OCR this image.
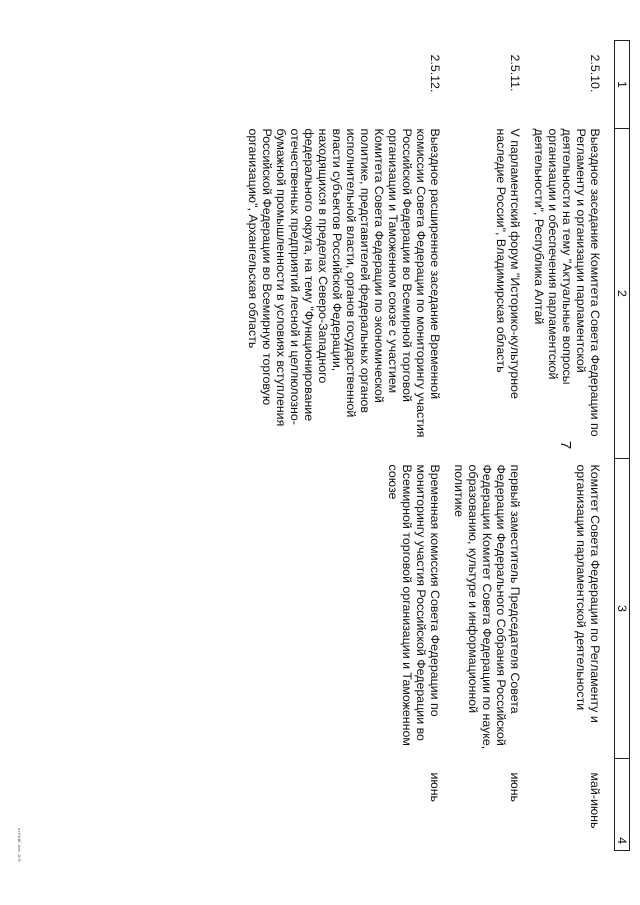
1	2	3	4
2.5.10.	Выездное заседание Комитета Совета Федерации по Регламенту и организации парламентской деятельности на тему "Актуальные вопросы организации и обеспечения парламентской деятельности", Республика Алтай	Комитет Совета Федерации по Регламенту и организации парламентской деятельности	май-июнь
2.5.11.	V парламентский форум "Историко-культурное наследие России", Владимирская область	первый заместитель Председателя Совета Федерации Федерального Собрания Российской Федерации Комитет Совета Федерации по науке, образованию, культуре и информационной политике	июнь
2.5.12.	Выездное расширенное заседание Временной комиссии Совета Федерации по мониторингу участия Российской Федерации во Всемирной торговой организации и Таможенном союзе с участием Комитета Совета Федерации по экономической политике, представителей федеральных органов исполнительной власти, органов государственной власти субъектов Российской Федерации, находящихся в пределах Северо-Западного федерального округа, на тему "Функционирование отечественных предприятий лесной и целлюлозно-бумажной промышленности в условиях вступления Российской Федерации во Всемирную торговую организацию", Архангельская область	Временная комиссия Совета Федерации по мониторингу участия Российской Федерации во Всемирной торговой организации и Таможенном союзе	июнь
7
zrf446.doc 9/5
